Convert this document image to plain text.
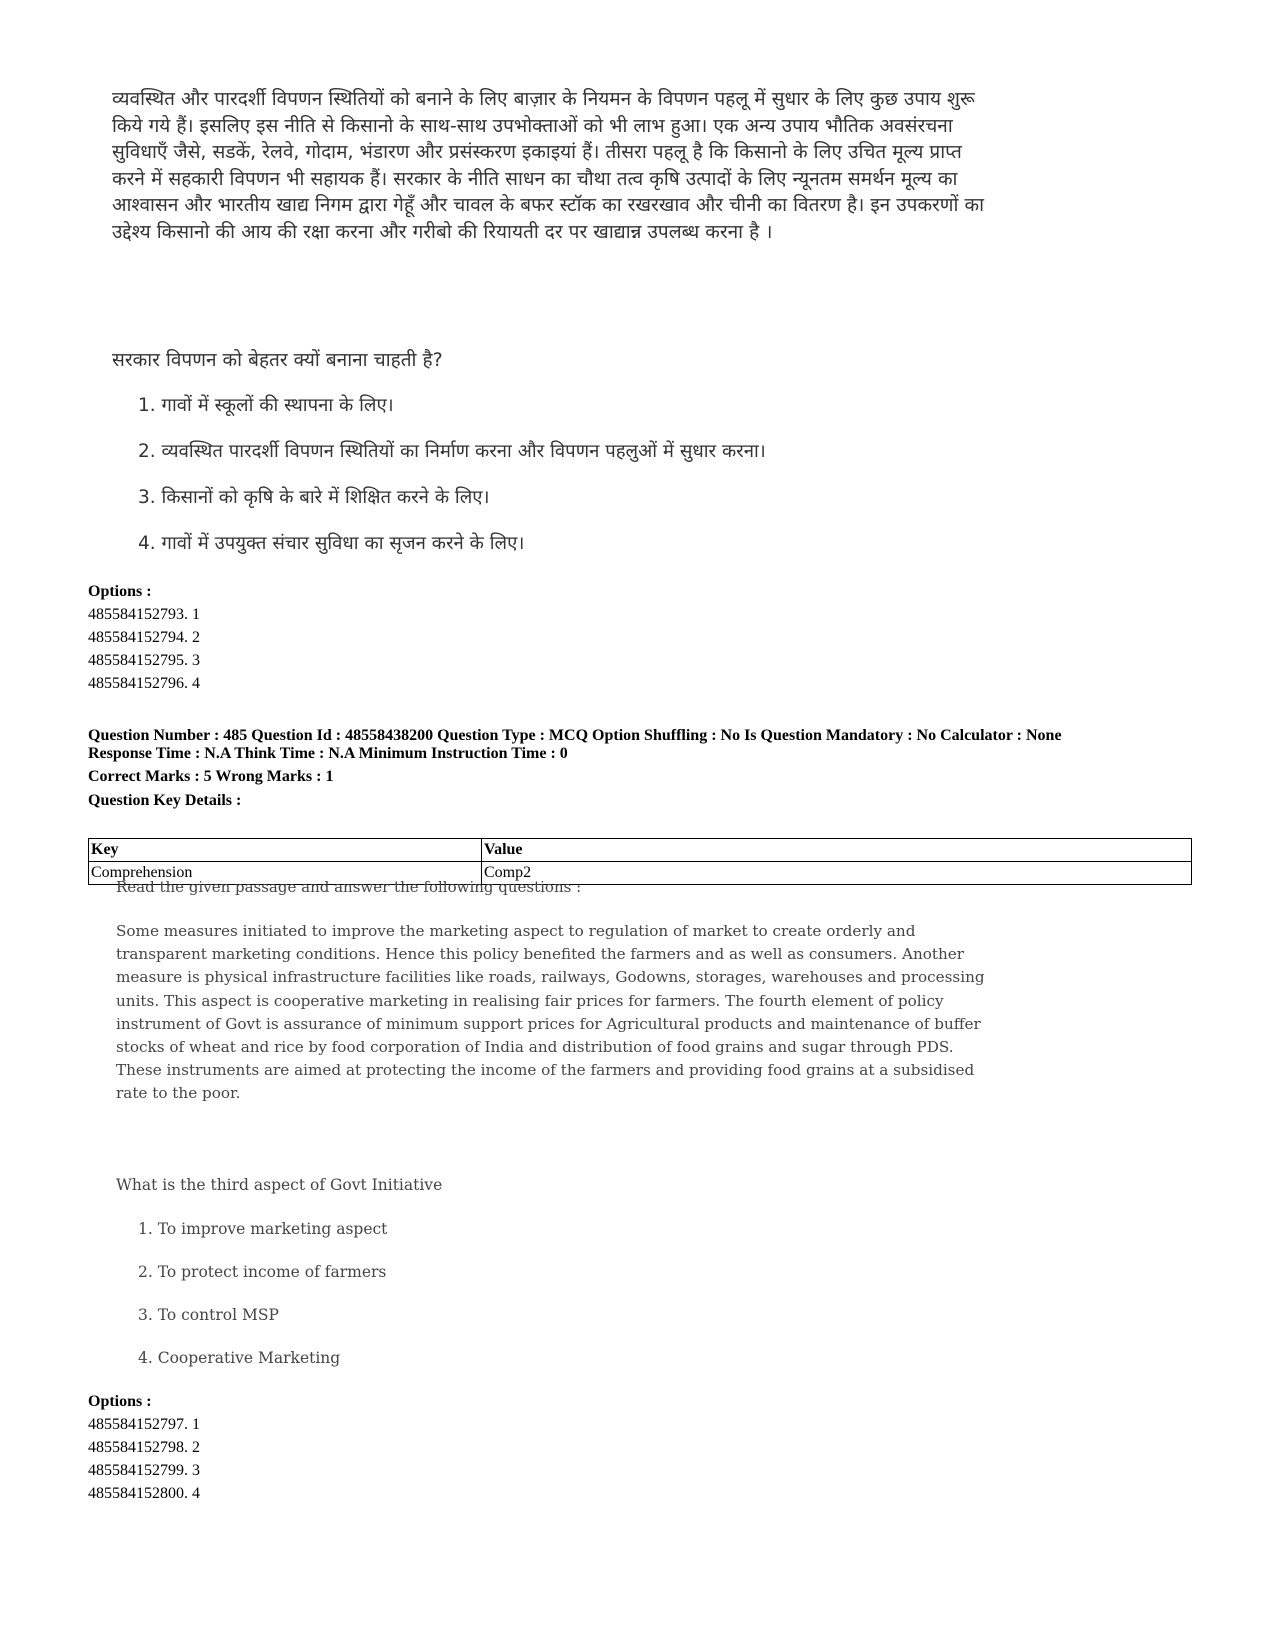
व्यवस्थित और पारदर्शी विपणन स्थितियों को बनाने के लिए बाज़ार के नियमन के विपणन पहलू में सुधार के लिए कुछ उपाय शुरू किये गये हैं। इसलिए इस नीति से किसानो के साथ-साथ उपभोक्ताओं को भी लाभ हुआ। एक अन्य उपाय भौतिक अवसंरचना सुविधाएँ जैसे, सडकें, रेलवे, गोदाम, भंडारण और प्रसंस्करण इकाइयां हैं। तीसरा पहलू है कि किसानो के लिए उचित मूल्य प्राप्त करने में सहकारी विपणन भी सहायक हैं। सरकार के नीति साधन का चौथा तत्व कृषि उत्पादों के लिए न्यूनतम समर्थन मूल्य का आश्वासन और भारतीय खाद्य निगम द्वारा गेहूँ और चावल के बफर स्टॉक का रखरखाव और चीनी का वितरण है। इन उपकरणों का उद्देश्य किसानो की आय की रक्षा करना और गरीबो की रियायती दर पर खाद्यान्न उपलब्ध करना है ।
सरकार विपणन को बेहतर क्यों बनाना चाहती है?
1. गावों में स्कूलों की स्थापना के लिए।
2. व्यवस्थित पारदर्शी विपणन स्थितियों का निर्माण करना और विपणन पहलुओं में सुधार करना।
3. किसानों को कृषि के बारे में शिक्षित करने के लिए।
4. गावों में उपयुक्त संचार सुविधा का सृजन करने के लिए।
Options :
485584152793. 1
485584152794. 2
485584152795. 3
485584152796. 4
Question Number : 485 Question Id : 48558438200 Question Type : MCQ Option Shuffling : No Is Question Mandatory : No Calculator : None
Response Time : N.A Think Time : N.A Minimum Instruction Time : 0
Correct Marks : 5 Wrong Marks : 1
Question Key Details :
Key	Value
Comprehension	Comp2
Read the given passage and answer the following questions :
Some measures initiated to improve the marketing aspect to regulation of market to create orderly and transparent marketing conditions. Hence this policy benefited the farmers and as well as consumers. Another measure is physical infrastructure facilities like roads, railways, Godowns, storages, warehouses and processing units. This aspect is cooperative marketing in realising fair prices for farmers. The fourth element of policy instrument of Govt is assurance of minimum support prices for Agricultural products and maintenance of buffer stocks of wheat and rice by food corporation of India and distribution of food grains and sugar through PDS. These instruments are aimed at protecting the income of the farmers and providing food grains at a subsidised rate to the poor.
What is the third aspect of Govt Initiative
1. To improve marketing aspect
2. To protect income of farmers
3. To control MSP
4. Cooperative Marketing
Options :
485584152797. 1
485584152798. 2
485584152799. 3
485584152800. 4
